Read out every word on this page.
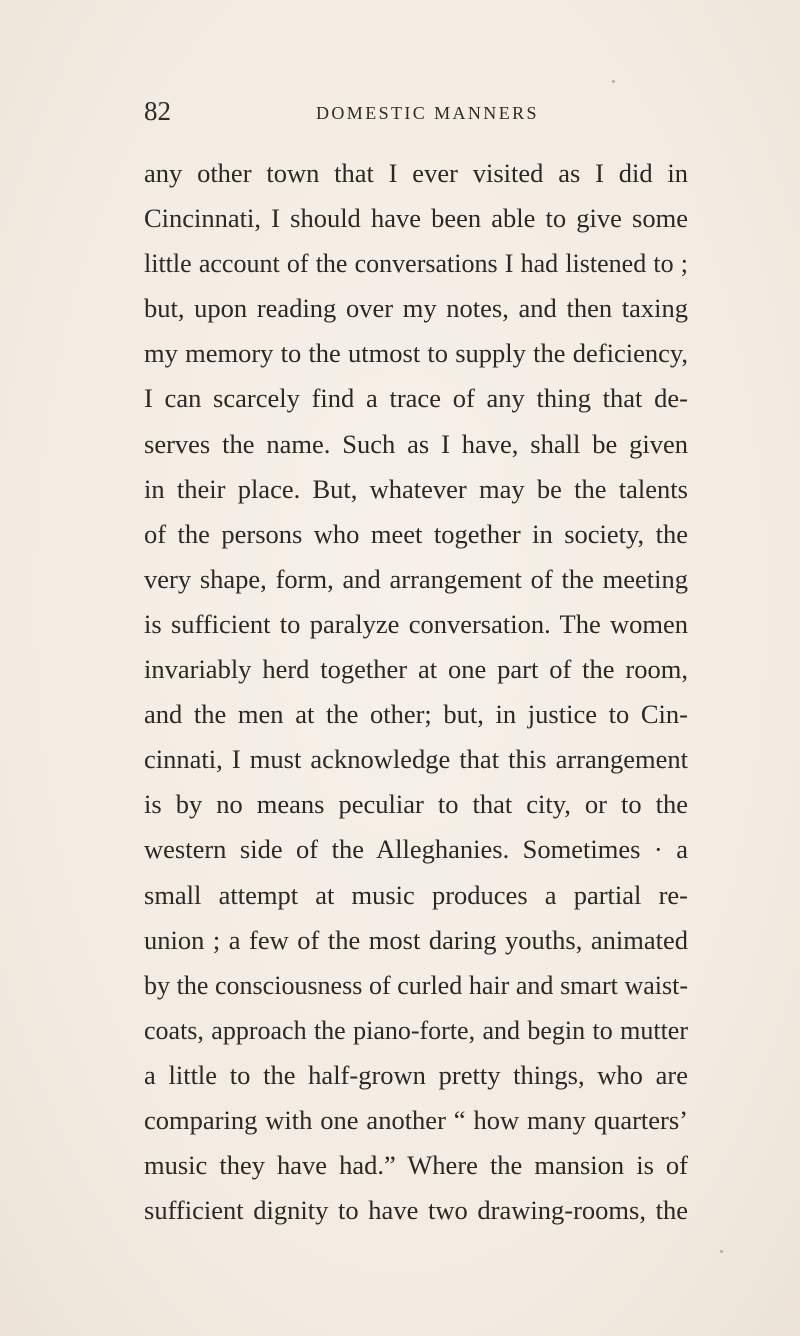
82	DOMESTIC MANNERS
any other town that I ever visited as I did in
Cincinnati, I should have been able to give some
little account of the conversations I had listened to ;
but, upon reading over my notes, and then taxing
my memory to the utmost to supply the deficiency,
I can scarcely find a trace of any thing that de-
serves the name. Such as I have, shall be given
in their place. But, whatever may be the talents
of the persons who meet together in society, the
very shape, form, and arrangement of the meeting
is sufficient to paralyze conversation. The women
invariably herd together at one part of the room,
and the men at the other; but, in justice to Cin-
cinnati, I must acknowledge that this arrangement
is by no means peculiar to that city, or to the
western side of the Alleghanies. Sometimes · a
small attempt at music produces a partial re-
union ; a few of the most daring youths, animated
by the consciousness of curled hair and smart waist-
coats, approach the piano-forte, and begin to mutter
a little to the half-grown pretty things, who are
comparing with one another “ how many quarters’
music they have had.” Where the mansion is of
sufficient dignity to have two drawing-rooms, the
